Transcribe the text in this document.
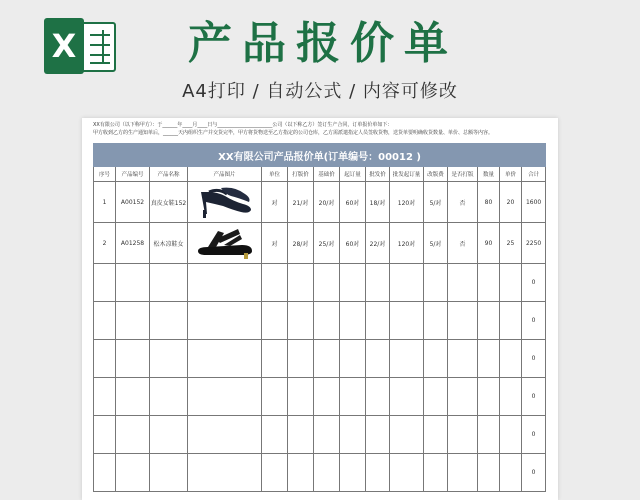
X	产品报价单
A4打印 / 自动公式 / 内容可修改
XX有限公司（以下称甲方）：于______年____月____日与______________________公司（以下称乙方）签订生产合同，订单报价单如下：
甲方收到乙方的生产通知单后，______天内组织生产并交货完毕，甲方将货物送至乙方指定的公司仓库，乙方需派遣指定人员签收货物，送货单要明确收货数量、单价、总额等内容。
XX有限公司产品报价单(订单编号：00012 )														
序号	产品编号	产品名称	产品图片	单位	打版价	基础价	起订量	批发价	批发起订量	改版费	是否打版	数量	单价	合计
1	A00152	真皮女鞋152		对	21/对	20/对	60对	18/对	120对	5/对	否	80	20	1600
2	A01258	松木凉鞋女		对	28/对	25/对	60对	22/对	120对	5/对	否	90	25	2250
														0
														0
														0
														0
														0
														0
